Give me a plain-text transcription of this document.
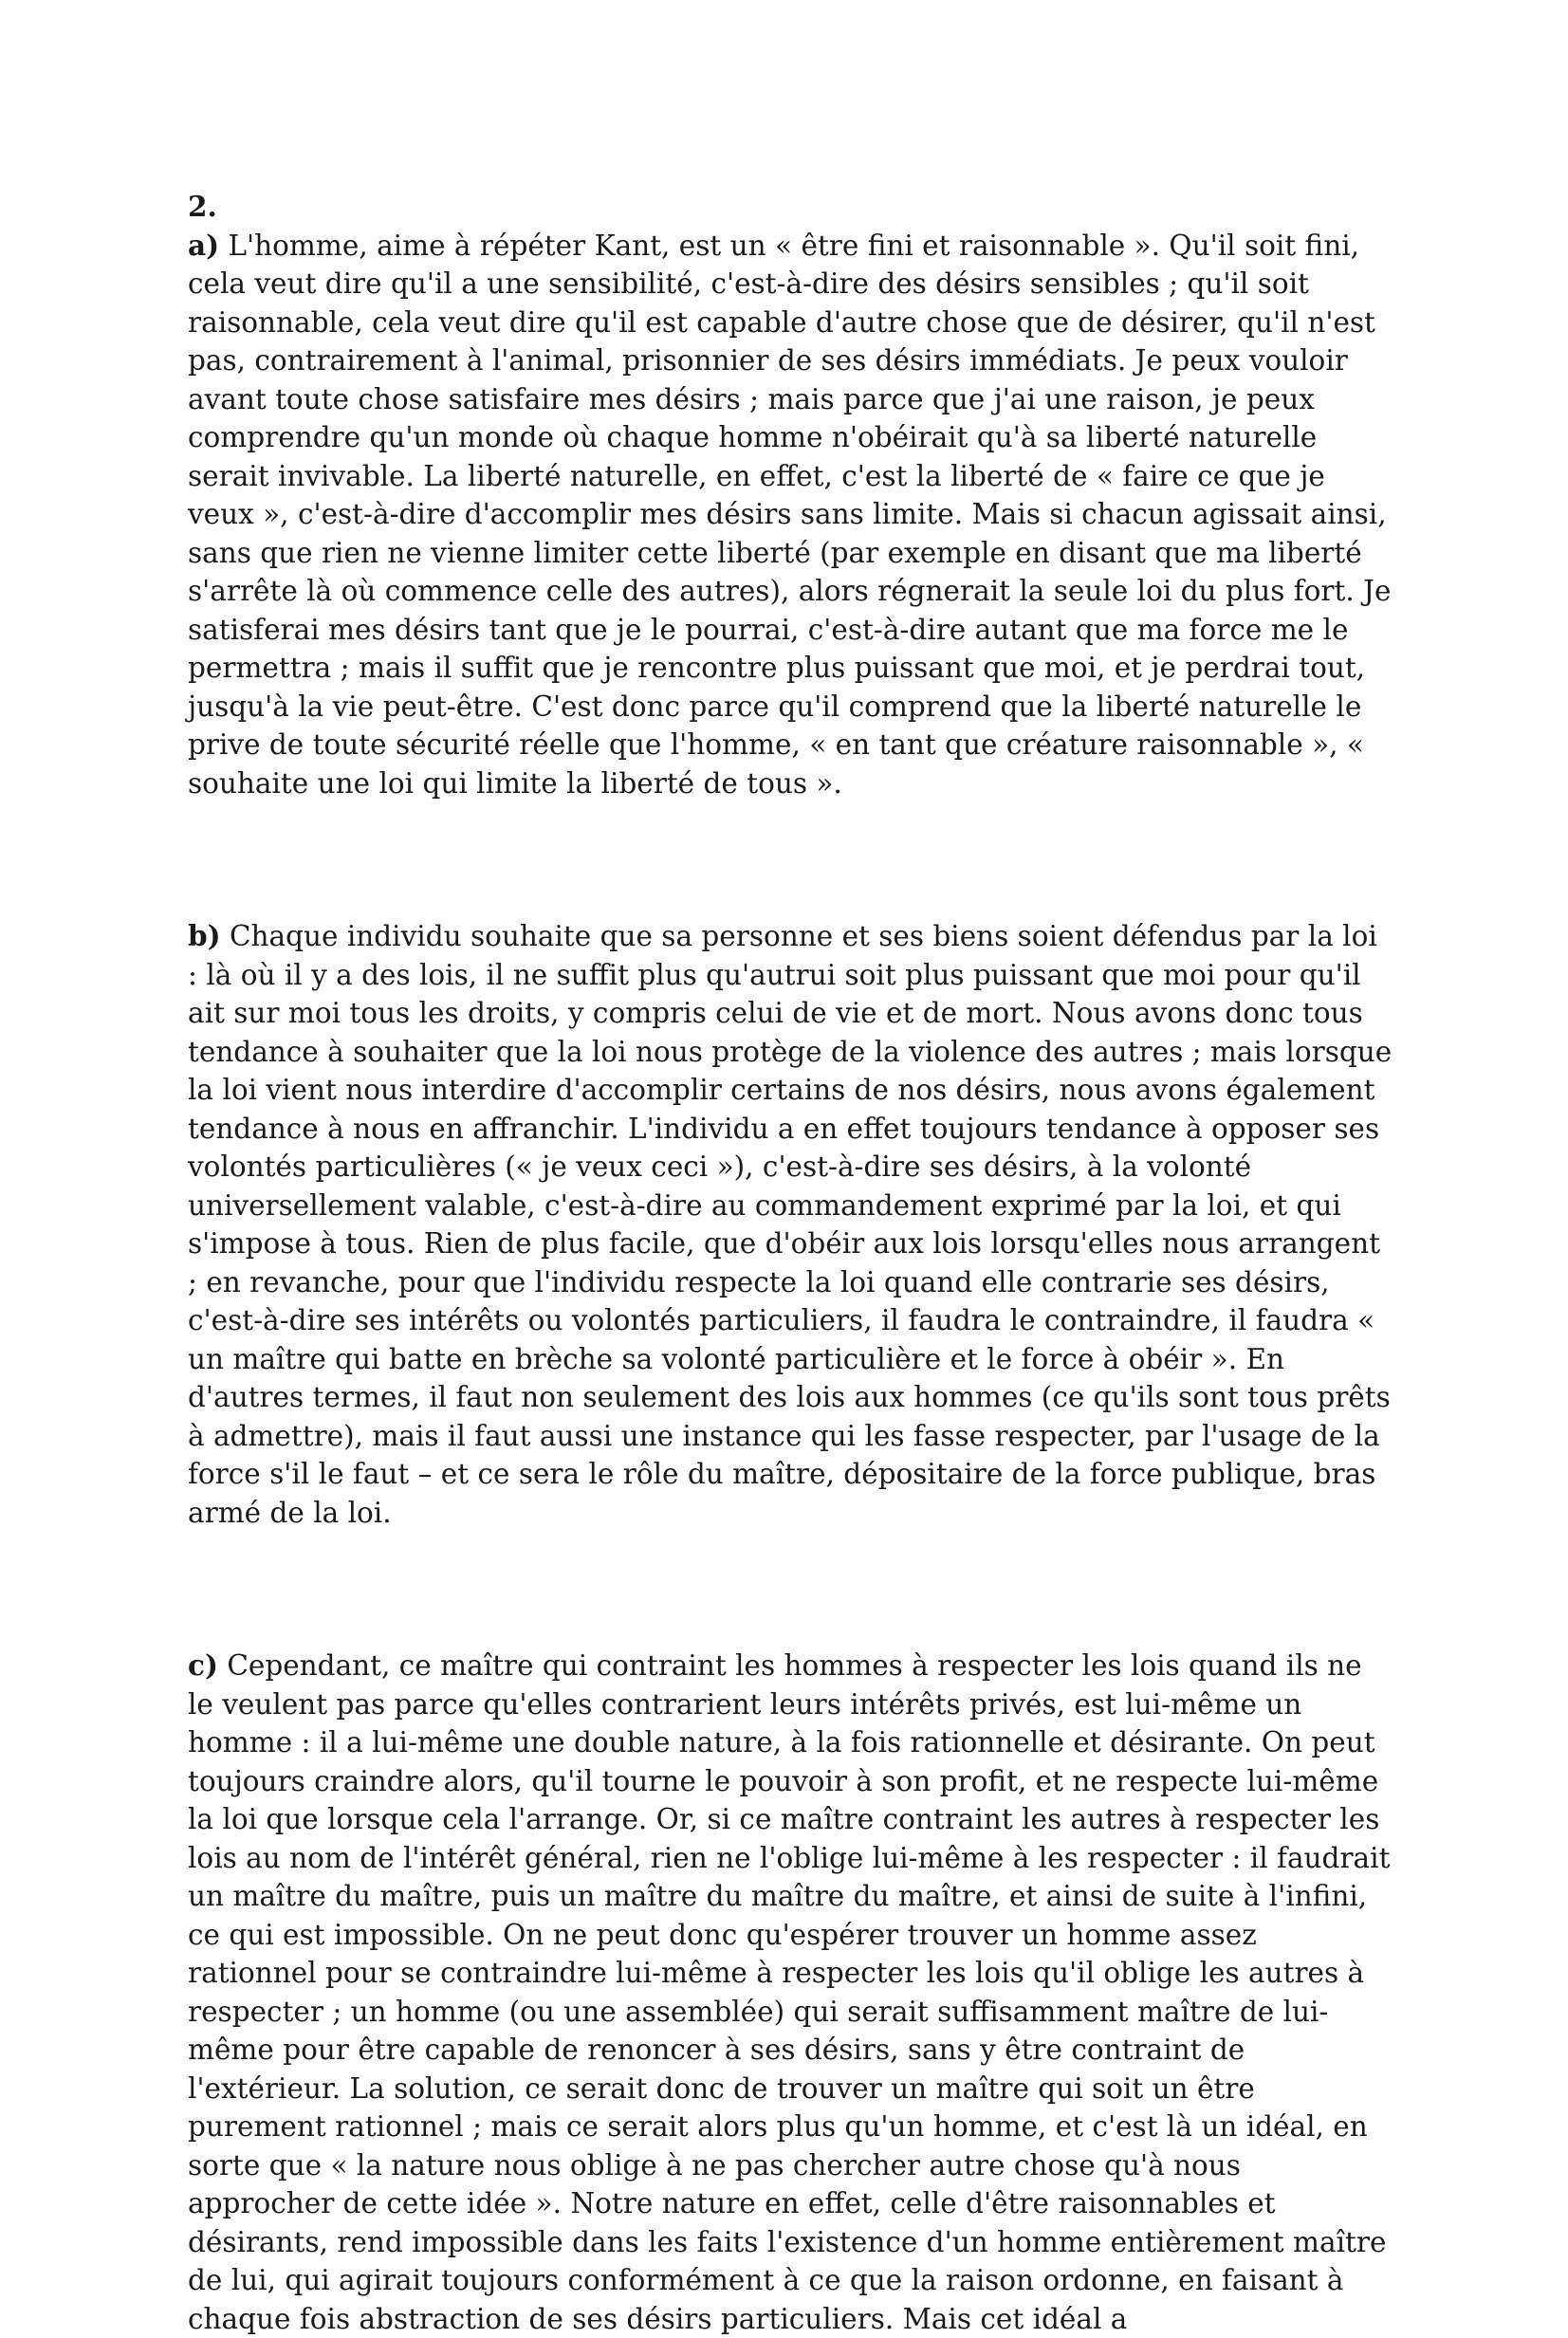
2.

a) L'homme, aime à répéter Kant, est un « être fini et raisonnable ». Qu'il soit fini, cela veut dire qu'il a une sensibilité, c'est-à-dire des désirs sensibles ; qu'il soit raisonnable, cela veut dire qu'il est capable d'autre chose que de désirer, qu'il n'est pas, contrairement à l'animal, prisonnier de ses désirs immédiats. Je peux vouloir avant toute chose satisfaire mes désirs ; mais parce que j'ai une raison, je peux comprendre qu'un monde où chaque homme n'obéirait qu'à sa liberté naturelle serait invivable. La liberté naturelle, en effet, c'est la liberté de « faire ce que je veux », c'est-à-dire d'accomplir mes désirs sans limite. Mais si chacun agissait ainsi, sans que rien ne vienne limiter cette liberté (par exemple en disant que ma liberté s'arrête là où commence celle des autres), alors régnerait la seule loi du plus fort. Je satisferai mes désirs tant que je le pourrai, c'est-à-dire autant que ma force me le permettra ; mais il suffit que je rencontre plus puissant que moi, et je perdrai tout, jusqu'à la vie peut-être. C'est donc parce qu'il comprend que la liberté naturelle le prive de toute sécurité réelle que l'homme, « en tant que créature raisonnable », « souhaite une loi qui limite la liberté de tous ».

b) Chaque individu souhaite que sa personne et ses biens soient défendus par la loi : là où il y a des lois, il ne suffit plus qu'autrui soit plus puissant que moi pour qu'il ait sur moi tous les droits, y compris celui de vie et de mort. Nous avons donc tous tendance à souhaiter que la loi nous protège de la violence des autres ; mais lorsque la loi vient nous interdire d'accomplir certains de nos désirs, nous avons également tendance à nous en affranchir. L'individu a en effet toujours tendance à opposer ses volontés particulières (« je veux ceci »), c'est-à-dire ses désirs, à la volonté universellement valable, c'est-à-dire au commandement exprimé par la loi, et qui s'impose à tous. Rien de plus facile, que d'obéir aux lois lorsqu'elles nous arrangent ; en revanche, pour que l'individu respecte la loi quand elle contrarie ses désirs, c'est-à-dire ses intérêts ou volontés particuliers, il faudra le contraindre, il faudra « un maître qui batte en brèche sa volonté particulière et le force à obéir ». En d'autres termes, il faut non seulement des lois aux hommes (ce qu'ils sont tous prêts à admettre), mais il faut aussi une instance qui les fasse respecter, par l'usage de la force s'il le faut – et ce sera le rôle du maître, dépositaire de la force publique, bras armé de la loi.

c) Cependant, ce maître qui contraint les hommes à respecter les lois quand ils ne le veulent pas parce qu'elles contrarient leurs intérêts privés, est lui-même un homme : il a lui-même une double nature, à la fois rationnelle et désirante. On peut toujours craindre alors, qu'il tourne le pouvoir à son profit, et ne respecte lui-même la loi que lorsque cela l'arrange. Or, si ce maître contraint les autres à respecter les lois au nom de l'intérêt général, rien ne l'oblige lui-même à les respecter : il faudrait un maître du maître, puis un maître du maître du maître, et ainsi de suite à l'infini, ce qui est impossible. On ne peut donc qu'espérer trouver un homme assez rationnel pour se contraindre lui-même à respecter les lois qu'il oblige les autres à respecter ; un homme (ou une assemblée) qui serait suffisamment maître de lui-même pour être capable de renoncer à ses désirs, sans y être contraint de l'extérieur. La solution, ce serait donc de trouver un maître qui soit un être purement rationnel ; mais ce serait alors plus qu'un homme, et c'est là un idéal, en sorte que « la nature nous oblige à ne pas chercher autre chose qu'à nous approcher de cette idée ». Notre nature en effet, celle d'être raisonnables et désirants, rend impossible dans les faits l'existence d'un homme entièrement maître de lui, qui agirait toujours conformément à ce que la raison ordonne, en faisant à chaque fois abstraction de ses désirs particuliers. Mais cet idéal a
